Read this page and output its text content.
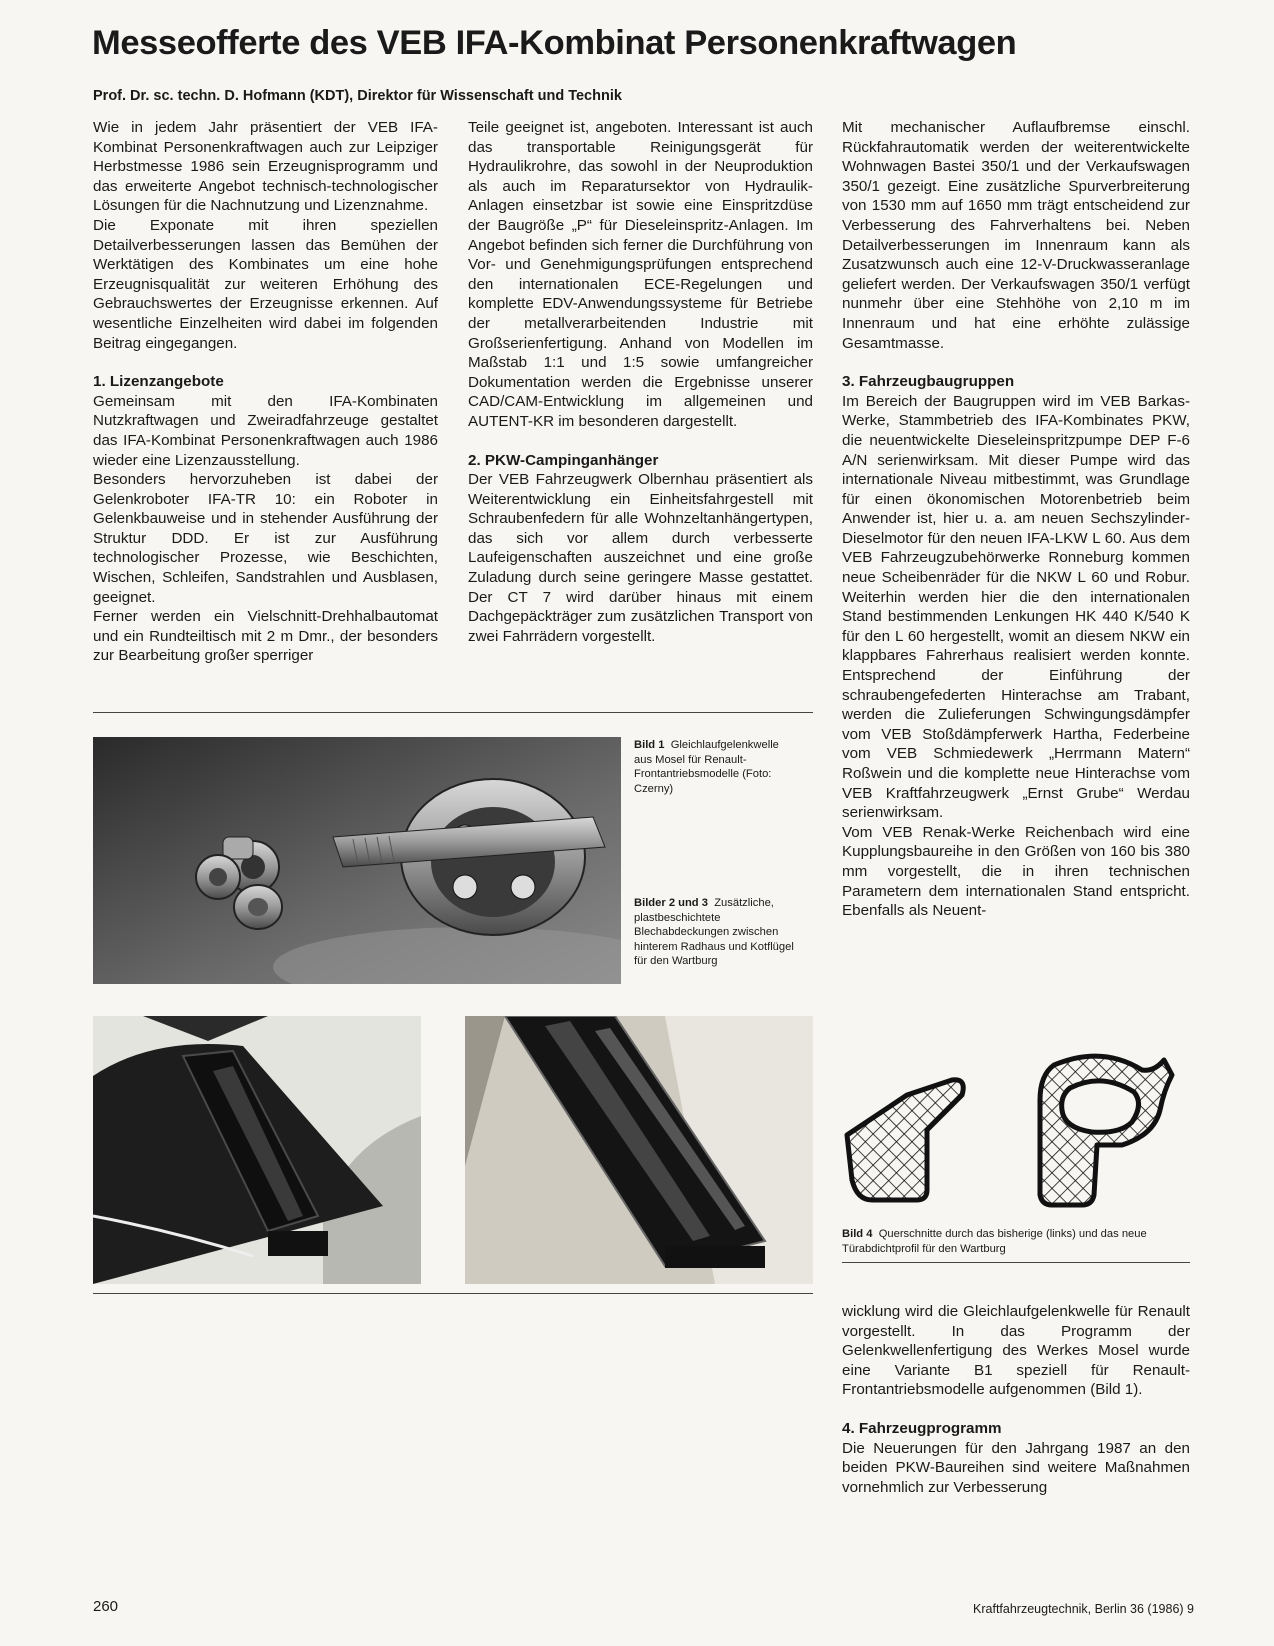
Messeofferte des VEB IFA-Kombinat Personenkraftwagen

Prof. Dr. sc. techn. D. Hofmann (KDT), Direktor für Wissenschaft und Technik

Wie in jedem Jahr präsentiert der VEB IFA-Kombinat Personenkraftwagen auch zur Leipziger Herbstmesse 1986 sein Erzeugnisprogramm und das erweiterte Angebot technisch-technologischer Lösungen für die Nachnutzung und Lizenznahme.

Die Exponate mit ihren speziellen Detailverbesserungen lassen das Bemühen der Werktätigen des Kombinates um eine hohe Erzeugnisqualität zur weiteren Erhöhung des Gebrauchswertes der Erzeugnisse erkennen. Auf wesentliche Einzelheiten wird dabei im folgenden Beitrag eingegangen.

1. Lizenzangebote

Gemeinsam mit den IFA-Kombinaten Nutzkraftwagen und Zweiradfahrzeuge gestaltet das IFA-Kombinat Personenkraftwagen auch 1986 wieder eine Lizenzausstellung.

Besonders hervorzuheben ist dabei der Gelenkroboter IFA-TR 10: ein Roboter in Gelenkbauweise und in stehender Ausführung der Struktur DDD. Er ist zur Ausführung technologischer Prozesse, wie Beschichten, Wischen, Schleifen, Sandstrahlen und Ausblasen, geeignet.

Ferner werden ein Vielschnitt-Drehhalbautomat und ein Rundteiltisch mit 2 m Dmr., der besonders zur Bearbeitung großer sperriger

Teile geeignet ist, angeboten. Interessant ist auch das transportable Reinigungsgerät für Hydraulikrohre, das sowohl in der Neuproduktion als auch im Reparatursektor von Hydraulik-Anlagen einsetzbar ist sowie eine Einspritzdüse der Baugröße „P“ für Dieseleinspritz-Anlagen. Im Angebot befinden sich ferner die Durchführung von Vor- und Genehmigungsprüfungen entsprechend den internationalen ECE-Regelungen und komplette EDV-Anwendungssysteme für Betriebe der metallverarbeitenden Industrie mit Großserienfertigung. Anhand von Modellen im Maßstab 1:1 und 1:5 sowie umfangreicher Dokumentation werden die Ergebnisse unserer CAD/CAM-Entwicklung im allgemeinen und AUTENT-KR im besonderen dargestellt.

2. PKW-Campinganhänger

Der VEB Fahrzeugwerk Olbernhau präsentiert als Weiterentwicklung ein Einheitsfahrgestell mit Schraubenfedern für alle Wohnzeltanhängertypen, das sich vor allem durch verbesserte Laufeigenschaften auszeichnet und eine große Zuladung durch seine geringere Masse gestattet. Der CT 7 wird darüber hinaus mit einem Dachgepäckträger zum zusätzlichen Transport von zwei Fahrrädern vorgestellt.

Mit mechanischer Auflaufbremse einschl. Rückfahrautomatik werden der weiterentwickelte Wohnwagen Bastei 350/1 und der Verkaufswagen 350/1 gezeigt. Eine zusätzliche Spurverbreiterung von 1530 mm auf 1650 mm trägt entscheidend zur Verbesserung des Fahrverhaltens bei. Neben Detailverbesserungen im Innenraum kann als Zusatzwunsch auch eine 12-V-Druckwasseranlage geliefert werden. Der Verkaufswagen 350/1 verfügt nunmehr über eine Stehhöhe von 2,10 m im Innenraum und hat eine erhöhte zulässige Gesamtmasse.

3. Fahrzeugbaugruppen

Im Bereich der Baugruppen wird im VEB Barkas-Werke, Stammbetrieb des IFA-Kombinates PKW, die neuentwickelte Dieseleinspritzpumpe DEP F-6 A/N serienwirksam. Mit dieser Pumpe wird das internationale Niveau mitbestimmt, was Grundlage für einen ökonomischen Motorenbetrieb beim Anwender ist, hier u. a. am neuen Sechszylinder-Dieselmotor für den neuen IFA-LKW L 60. Aus dem VEB Fahrzeugzubehörwerke Ronneburg kommen neue Scheibenräder für die NKW L 60 und Robur. Weiterhin werden hier die den internationalen Stand bestimmenden Lenkungen HK 440 K/540 K für den L 60 hergestellt, womit an diesem NKW ein klappbares Fahrerhaus realisiert werden konnte. Entsprechend der Einführung der schraubengefederten Hinterachse am Trabant, werden die Zulieferungen Schwingungsdämpfer vom VEB Stoßdämpferwerk Hartha, Federbeine vom VEB Schmiedewerk „Herrmann Matern“ Roßwein und die komplette neue Hinterachse vom VEB Kraftfahrzeugwerk „Ernst Grube“ Werdau serienwirksam.

Vom VEB Renak-Werke Reichenbach wird eine Kupplungsbaureihe in den Größen von 160 bis 380 mm vorgestellt, die in ihren technischen Parametern dem internationalen Stand entspricht. Ebenfalls als Neuent-

wicklung wird die Gleichlaufgelenkwelle für Renault vorgestellt. In das Programm der Gelenkwellenfertigung des Werkes Mosel wurde eine Variante B1 speziell für Renault-Frontantriebsmodelle aufgenommen (Bild 1).

4. Fahrzeugprogramm

Die Neuerungen für den Jahrgang 1987 an den beiden PKW-Baureihen sind weitere Maßnahmen vornehmlich zur Verbesserung

Bild 1 Gleichlaufgelenkwelle aus Mosel für Renault-Frontantriebsmodelle (Foto: Czerny)
Bilder 2 und 3 Zusätzliche, plastbeschichtete Blechabdeckungen zwischen hinterem Radhaus und Kotflügel für den Wartburg
Bild 4 Querschnitte durch das bisherige (links) und das neue Türabdichtprofil für den Wartburg
260	Kraftfahrzeugtechnik, Berlin 36 (1986) 9
